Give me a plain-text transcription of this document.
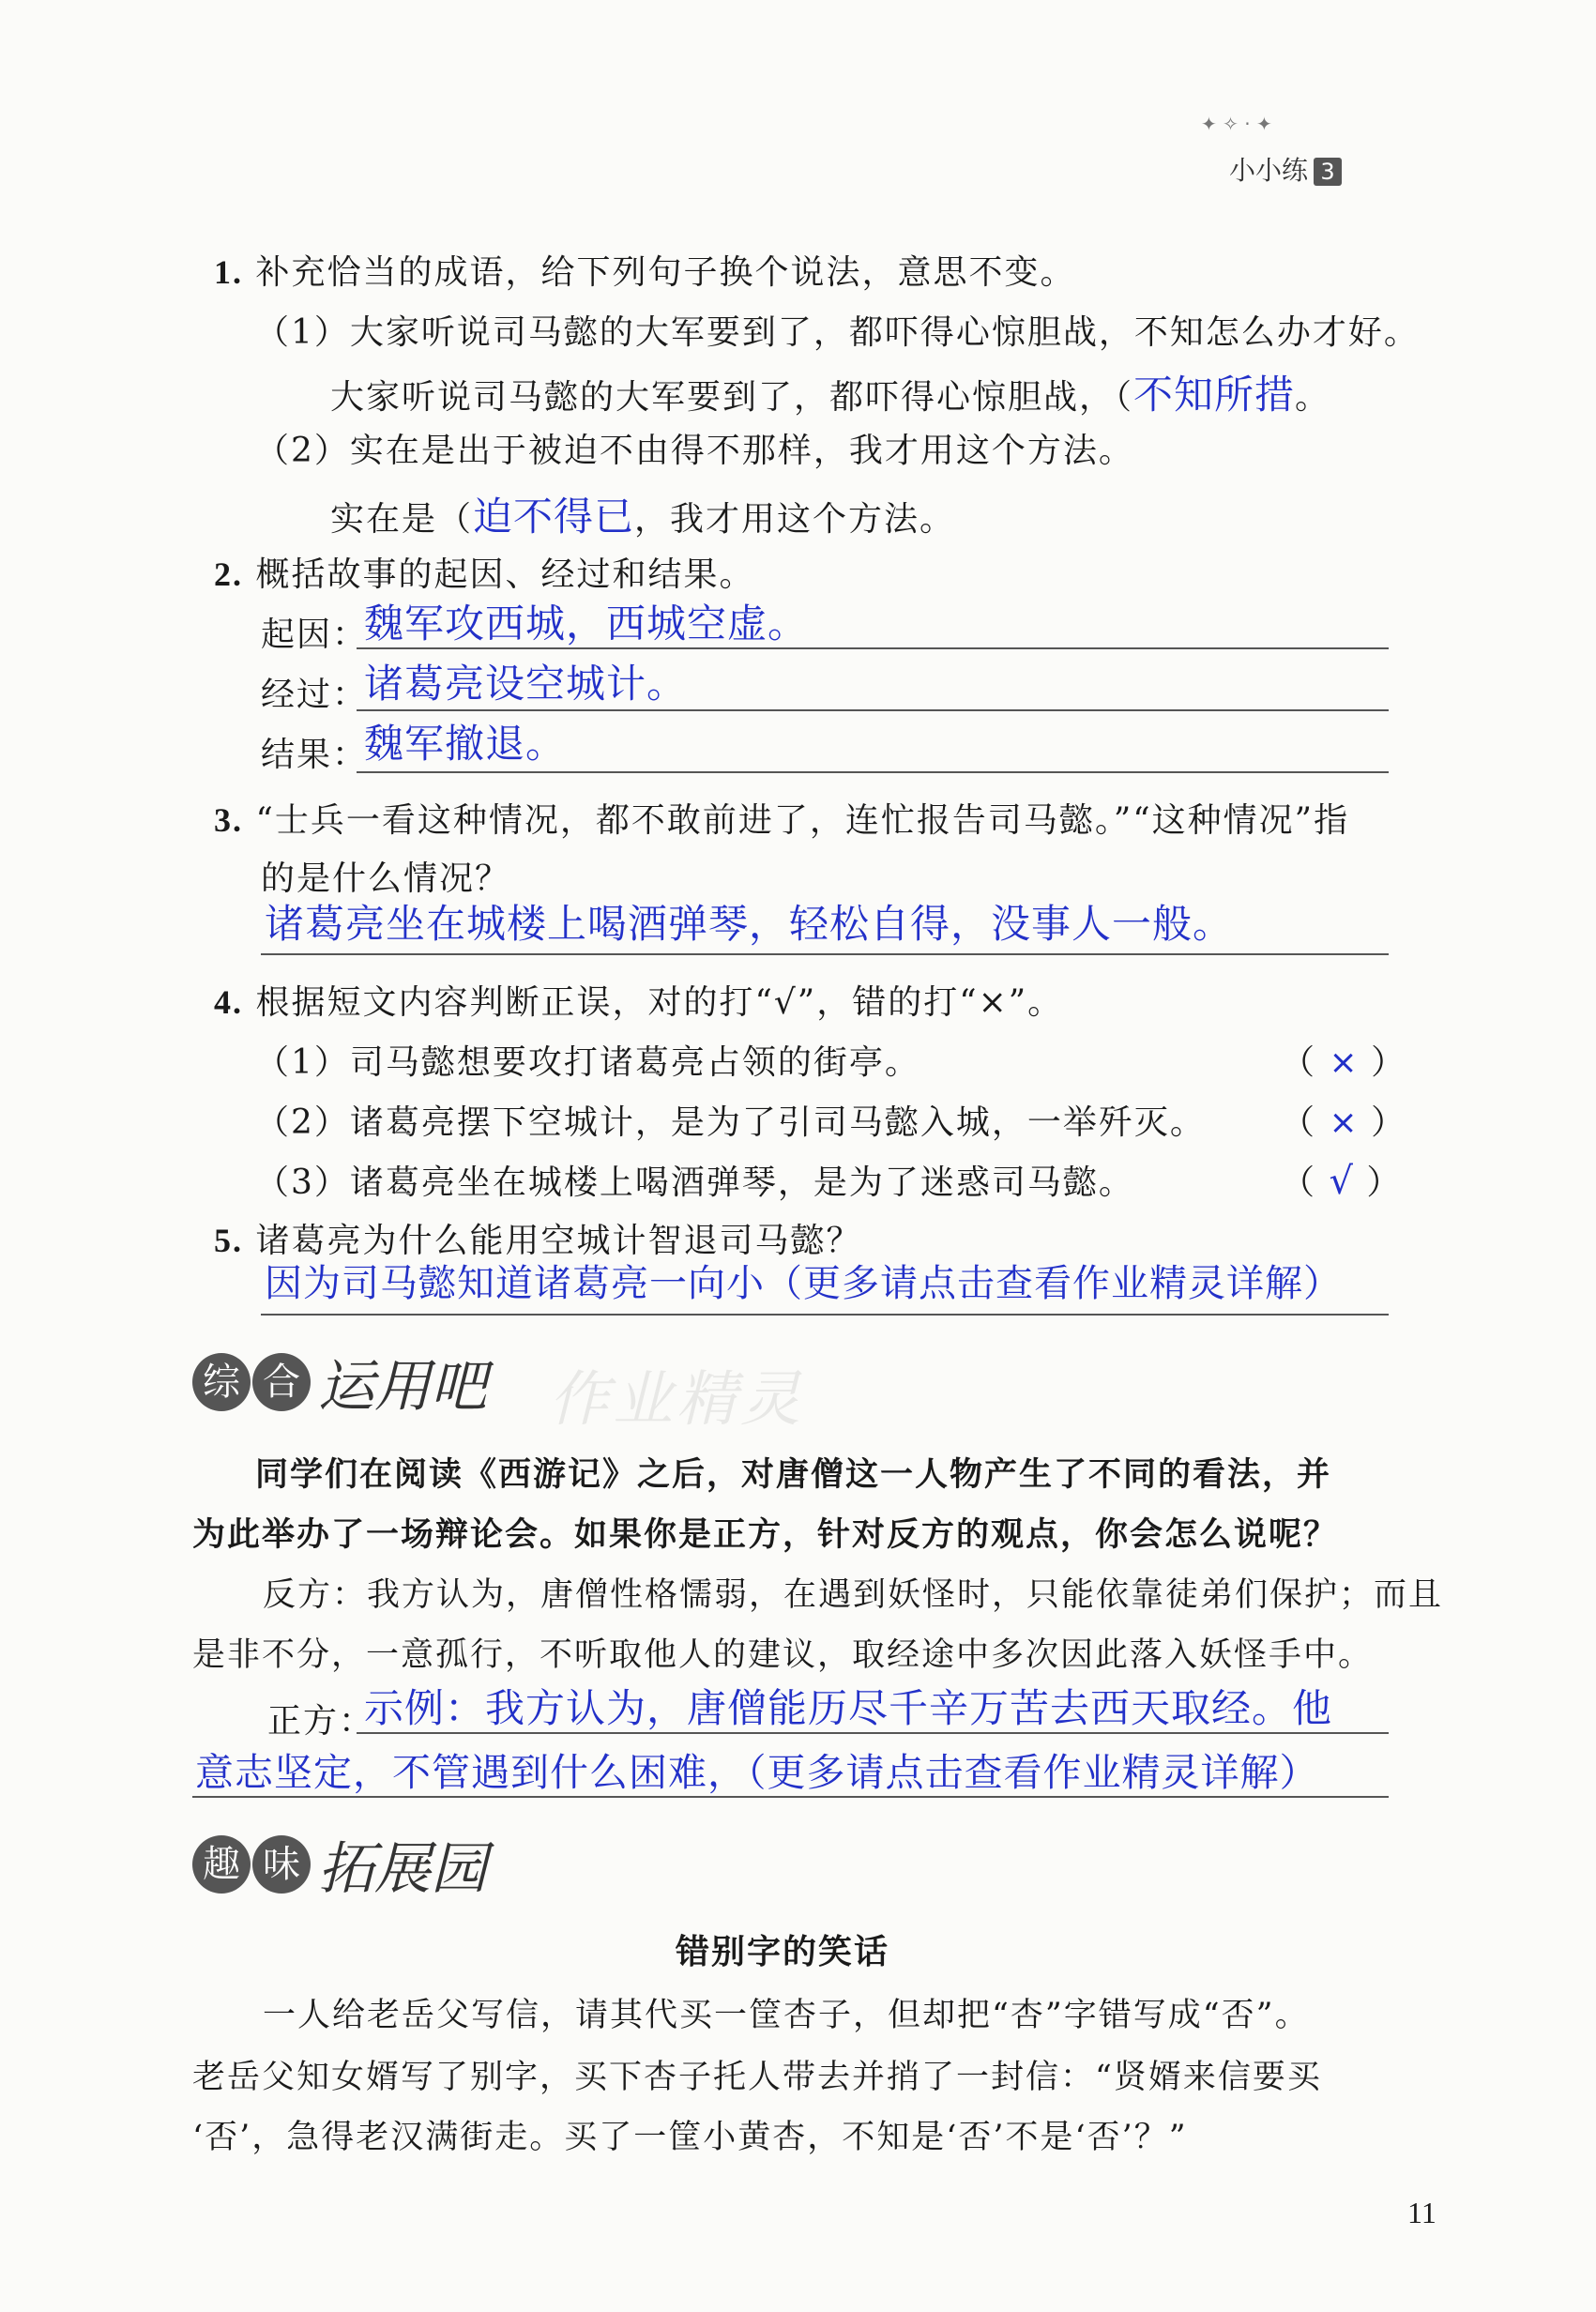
✦ ✧ · ✦
小小练 3
1. 补充恰当的成语，给下列句子换个说法，意思不变。
（1）大家听说司马懿的大军要到了，都吓得心惊胆战，不知怎么办才好。
大家听说司马懿的大军要到了，都吓得心惊胆战，（不知所措。
（2）实在是出于被迫不由得不那样，我才用这个方法。
实在是（迫不得已，我才用这个方法。
2. 概括故事的起因、经过和结果。
起因：
魏军攻西城，西城空虚。
经过：
诸葛亮设空城计。
结果：
魏军撤退。
3. “士兵一看这种情况，都不敢前进了，连忙报告司马懿。”“这种情况”指
的是什么情况？
诸葛亮坐在城楼上喝酒弹琴，轻松自得，没事人一般。
4. 根据短文内容判断正误，对的打“√”，错的打“×”。
（1）司马懿想要攻打诸葛亮占领的街亭。	（ × ）
（2）诸葛亮摆下空城计，是为了引司马懿入城，一举歼灭。 （ × ）
（3）诸葛亮坐在城楼上喝酒弹琴，是为了迷惑司马懿。	（ √ ）
5. 诸葛亮为什么能用空城计智退司马懿？
因为司马懿知道诸葛亮一向小（更多请点击查看作业精灵详解）
综 合 运用吧 作业精灵
同学们在阅读《西游记》之后，对唐僧这一人物产生了不同的看法，并
为此举办了一场辩论会。如果你是正方，针对反方的观点，你会怎么说呢？
反方：我方认为，唐僧性格懦弱，在遇到妖怪时，只能依靠徒弟们保护；而且
是非不分，一意孤行，不听取他人的建议，取经途中多次因此落入妖怪手中。
正方：
示例：我方认为，唐僧能历尽千辛万苦去西天取经。他
意志坚定，不管遇到什么困难，（更多请点击查看作业精灵详解）
趣 味 拓展园
错别字的笑话
一人给老岳父写信，请其代买一筐杏子，但却把“杏”字错写成“否”。
老岳父知女婿写了别字，买下杏子托人带去并捎了一封信：“贤婿来信要买
‘否’，急得老汉满街走。买了一筐小黄杏，不知是‘否’不是‘否’？”
11
